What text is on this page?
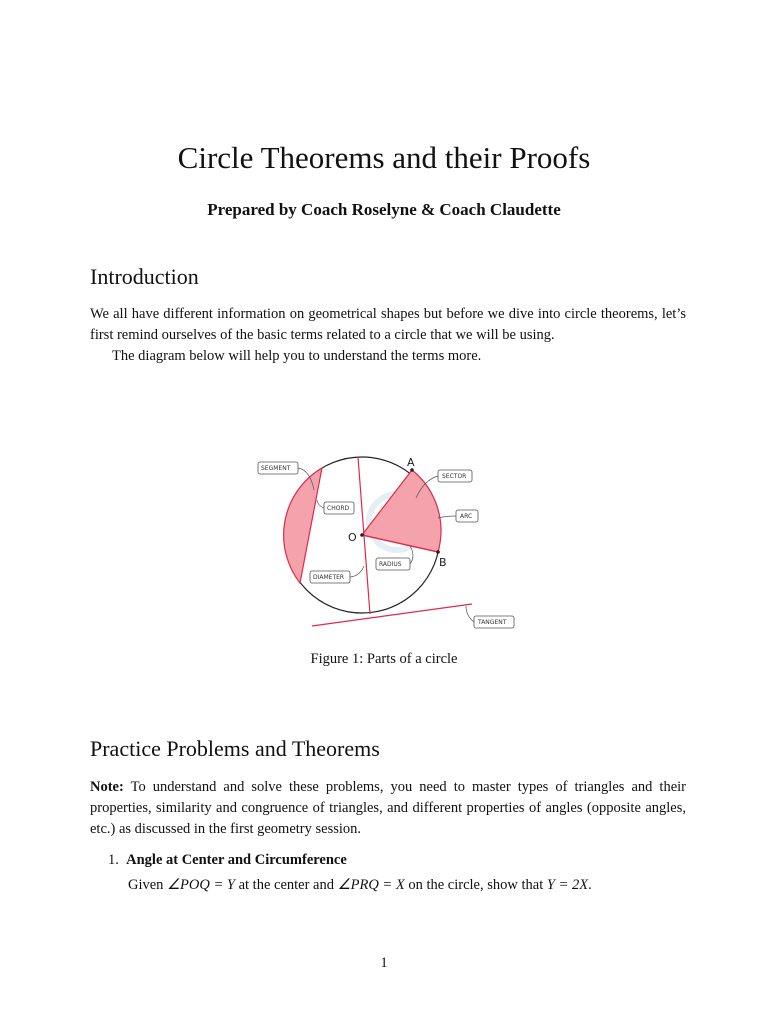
Circle Theorems and their Proofs

Prepared by Coach Roselyne & Coach Claudette

Introduction

We all have different information on geometrical shapes but before we dive into circle theorems, let’s first remind ourselves of the basic terms related to a circle that we will be using.

The diagram below will help you to understand the terms more.

A
B
O
SEGMENT
CHORD
DIAMETER
RADIUS
SECTOR
ARC
TANGENT

Figure 1: Parts of a circle

Practice Problems and Theorems

Note: To understand and solve these problems, you need to master types of triangles and their properties, similarity and congruence of triangles, and different properties of angles (opposite angles, etc.) as discussed in the first geometry session.

1. Angle at Center and Circumference

Given ∠POQ = Y at the center and ∠PRQ = X on the circle, show that Y = 2X.

1
